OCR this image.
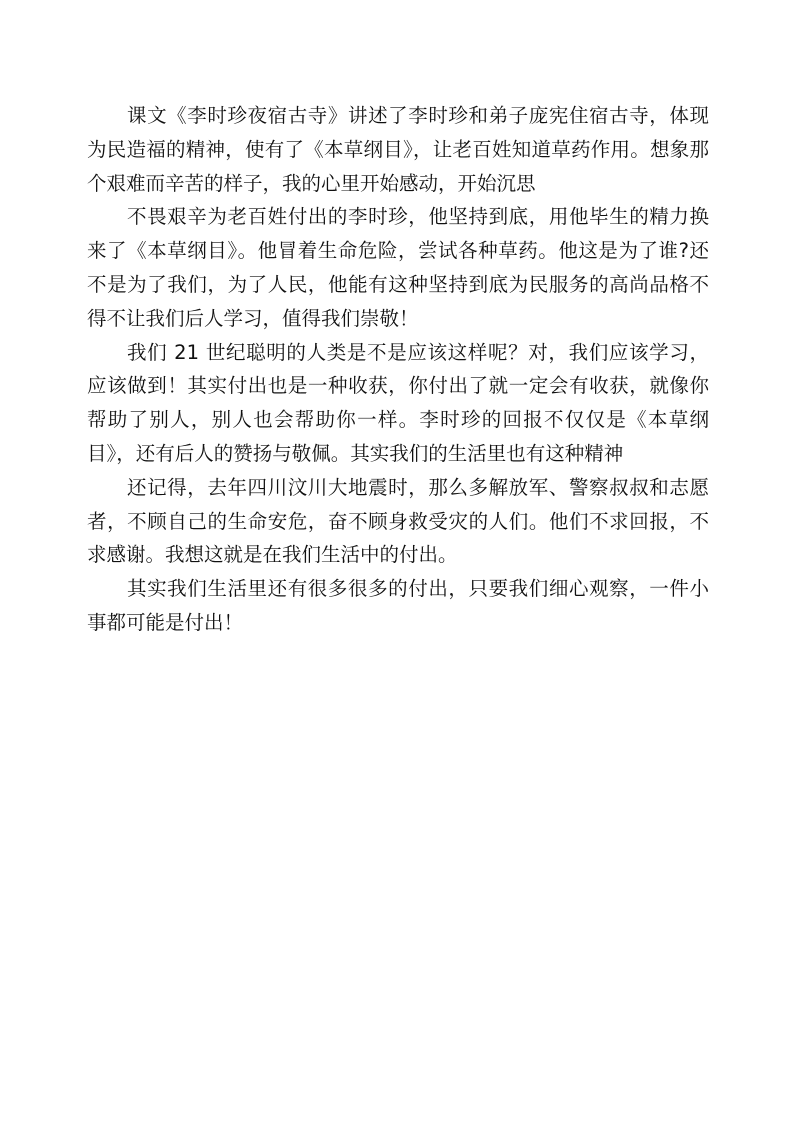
课文《李时珍夜宿古寺》讲述了李时珍和弟子庞宪住宿古寺，体现为民造福的精神，使有了《本草纲目》，让老百姓知道草药作用。想象那个艰难而辛苦的样子，我的心里开始感动，开始沉思

不畏艰辛为老百姓付出的李时珍，他坚持到底，用他毕生的精力换来了《本草纲目》。他冒着生命危险，尝试各种草药。他这是为了谁?还不是为了我们，为了人民，他能有这种坚持到底为民服务的高尚品格不得不让我们后人学习，值得我们崇敬！

我们 21 世纪聪明的人类是不是应该这样呢？对，我们应该学习，应该做到！其实付出也是一种收获，你付出了就一定会有收获，就像你帮助了别人，别人也会帮助你一样。李时珍的回报不仅仅是《本草纲目》，还有后人的赞扬与敬佩。其实我们的生活里也有这种精神

还记得，去年四川汶川大地震时，那么多解放军、警察叔叔和志愿者，不顾自己的生命安危，奋不顾身救受灾的人们。他们不求回报，不求感谢。我想这就是在我们生活中的付出。

其实我们生活里还有很多很多的付出，只要我们细心观察，一件小事都可能是付出！
